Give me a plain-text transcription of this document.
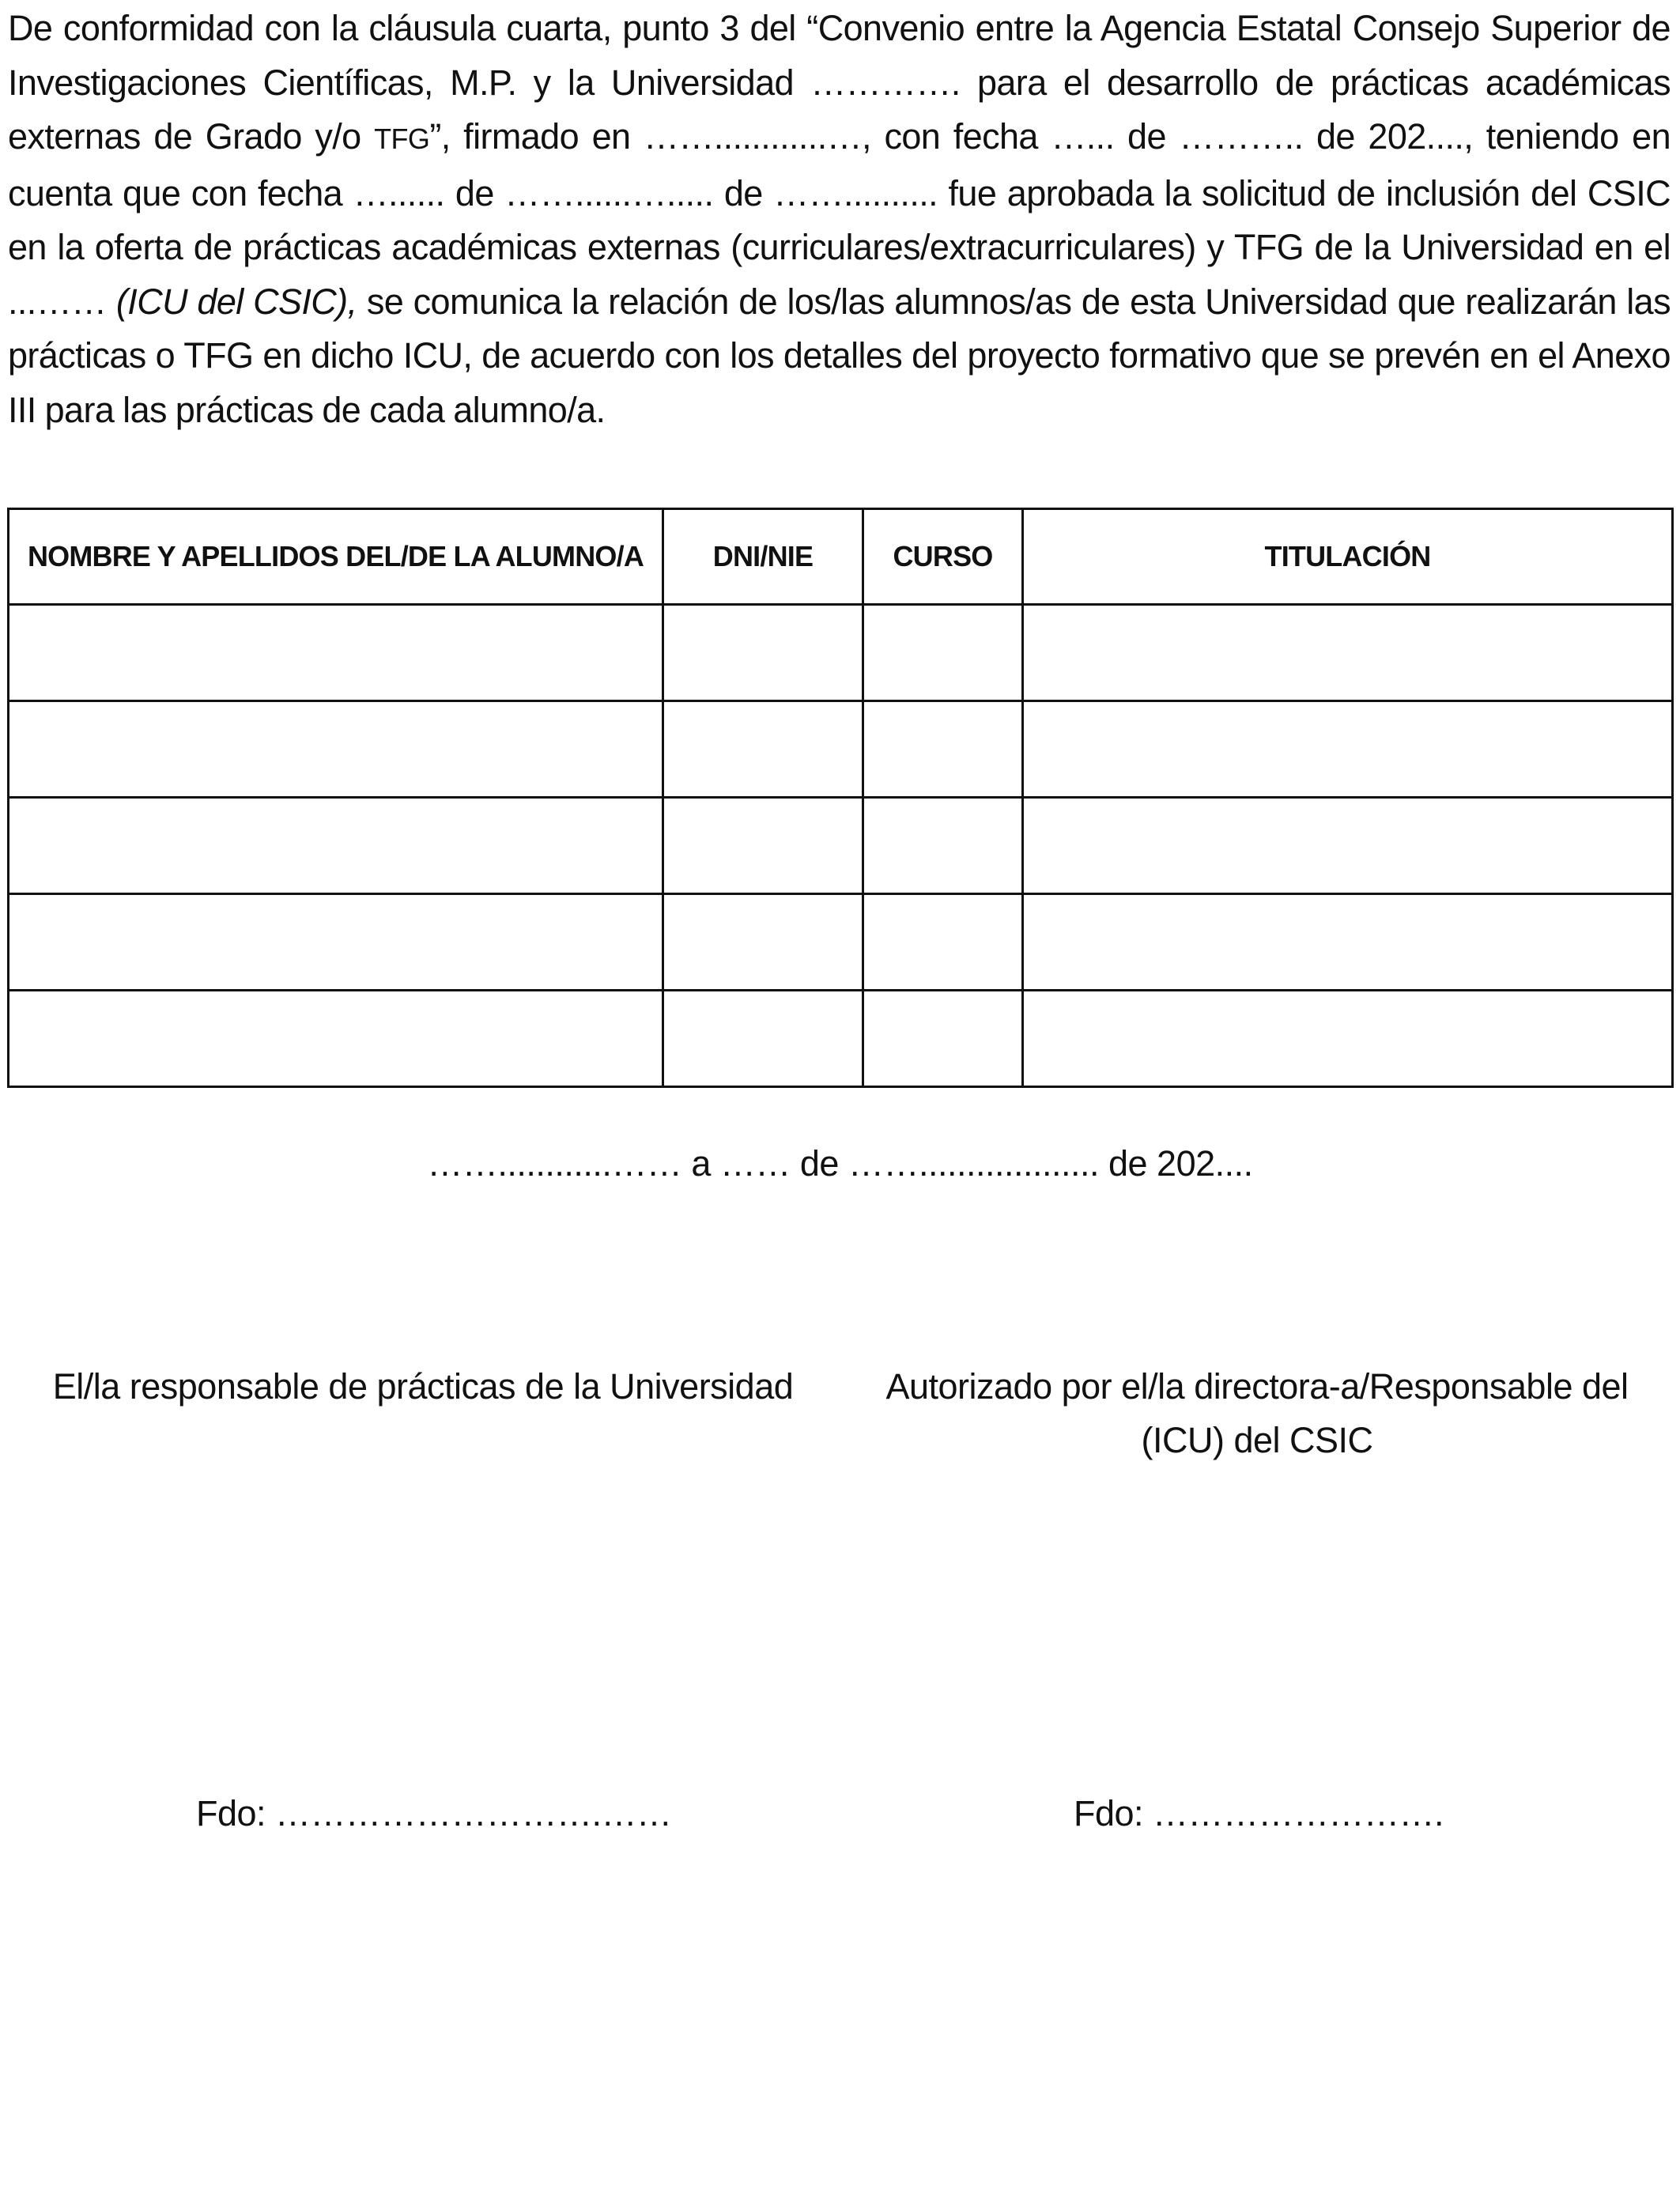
De conformidad con la cláusula cuarta, punto 3 del “Convenio entre la Agencia Estatal Consejo Superior de Investigaciones Científicas, M.P. y la Universidad …………. para el desarrollo de prácticas académicas externas de Grado y/o TFG”, firmado en ……............…, con fecha …... de ……….. de 202...., teniendo en cuenta que con fecha …...... de ……......…..... de …….......... fue aprobada la solicitud de inclusión del CSIC en la oferta de prácticas académicas externas (curriculares/extracurriculares) y TFG de la Universidad en el ...…… (ICU del CSIC), se comunica la relación de los/las alumnos/as de esta Universidad que realizarán las prácticas o TFG en dicho ICU, de acuerdo con los detalles del proyecto formativo que se prevén en el Anexo III para las prácticas de cada alumno/a.

NOMBRE Y APELLIDOS DEL/DE LA ALUMNO/A	DNI/NIE	CURSO	TITULACIÓN

……............…… a …… de ……................... de 202....
El/la responsable de prácticas de la Universidad	Autorizado por el/la directora-a/Responsable del
(ICU) del CSIC
Fdo: ……………………….……	Fdo: …………………….
